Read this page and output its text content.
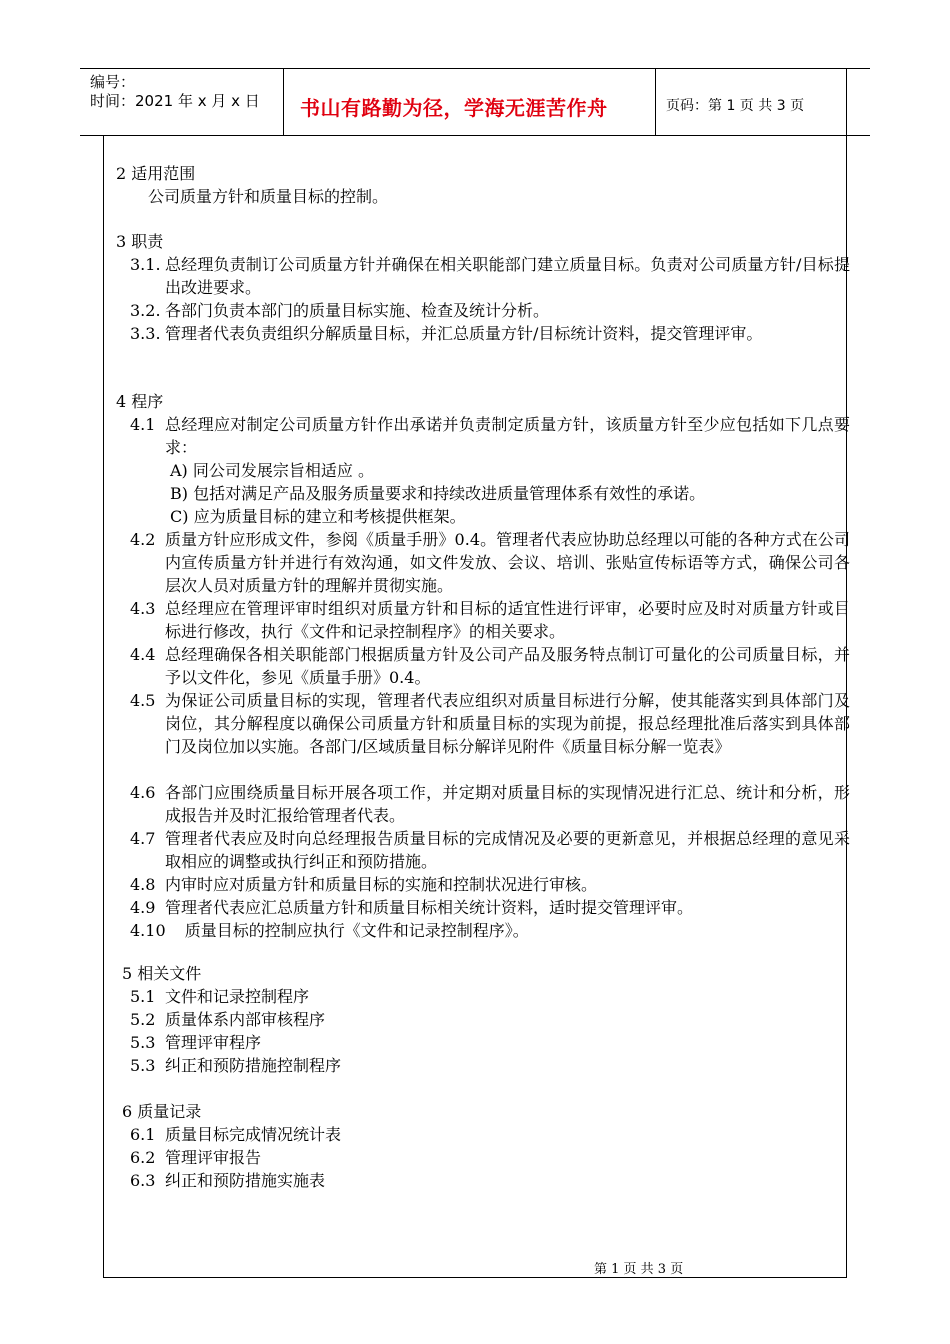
编号：
时间：2021 年 x 月 x 日 书山有路勤为径，学海无涯苦作舟	页码：第 1 页 共 3 页
2 适用范围
公司质量方针和质量目标的控制。
3 职责
3.1. 总经理负责制订公司质量方针并确保在相关职能部门建立质量目标。负责对公司质量方针/目标提出改进要求。
3.2. 各部门负责本部门的质量目标实施、检查及统计分析。
3.3. 管理者代表负责组织分解质量目标，并汇总质量方针/目标统计资料，提交管理评审。
4 程序
4.1 总经理应对制定公司质量方针作出承诺并负责制定质量方针，该质量方针至少应包括如下几点要求：
A) 同公司发展宗旨相适应 。
B) 包括对满足产品及服务质量要求和持续改进质量管理体系有效性的承诺。
C) 应为质量目标的建立和考核提供框架。
4.2 质量方针应形成文件，参阅《质量手册》0.4。管理者代表应协助总经理以可能的各种方式在公司内宣传质量方针并进行有效沟通，如文件发放、会议、培训、张贴宣传标语等方式，确保公司各层次人员对质量方针的理解并贯彻实施。
4.3 总经理应在管理评审时组织对质量方针和目标的适宜性进行评审，必要时应及时对质量方针或目标进行修改，执行《文件和记录控制程序》的相关要求。
4.4 总经理确保各相关职能部门根据质量方针及公司产品及服务特点制订可量化的公司质量目标，并予以文件化，参见《质量手册》0.4。
4.5 为保证公司质量目标的实现，管理者代表应组织对质量目标进行分解，使其能落实到具体部门及岗位，其分解程度以确保公司质量方针和质量目标的实现为前提，报总经理批准后落实到具体部门及岗位加以实施。各部门/区域质量目标分解详见附件《质量目标分解一览表》
4.6 各部门应围绕质量目标开展各项工作，并定期对质量目标的实现情况进行汇总、统计和分析，形成报告并及时汇报给管理者代表。
4.7 管理者代表应及时向总经理报告质量目标的完成情况及必要的更新意见，并根据总经理的意见采取相应的调整或执行纠正和预防措施。
4.8 内审时应对质量方针和质量目标的实施和控制状况进行审核。
4.9 管理者代表应汇总质量方针和质量目标相关统计资料，适时提交管理评审。
4.10 质量目标的控制应执行《文件和记录控制程序》。
5 相关文件
5.1 文件和记录控制程序
5.2 质量体系内部审核程序
5.3 管理评审程序
5.3 纠正和预防措施控制程序
6 质量记录
6.1 质量目标完成情况统计表
6.2 管理评审报告
6.3 纠正和预防措施实施表
第 1 页 共 3 页
